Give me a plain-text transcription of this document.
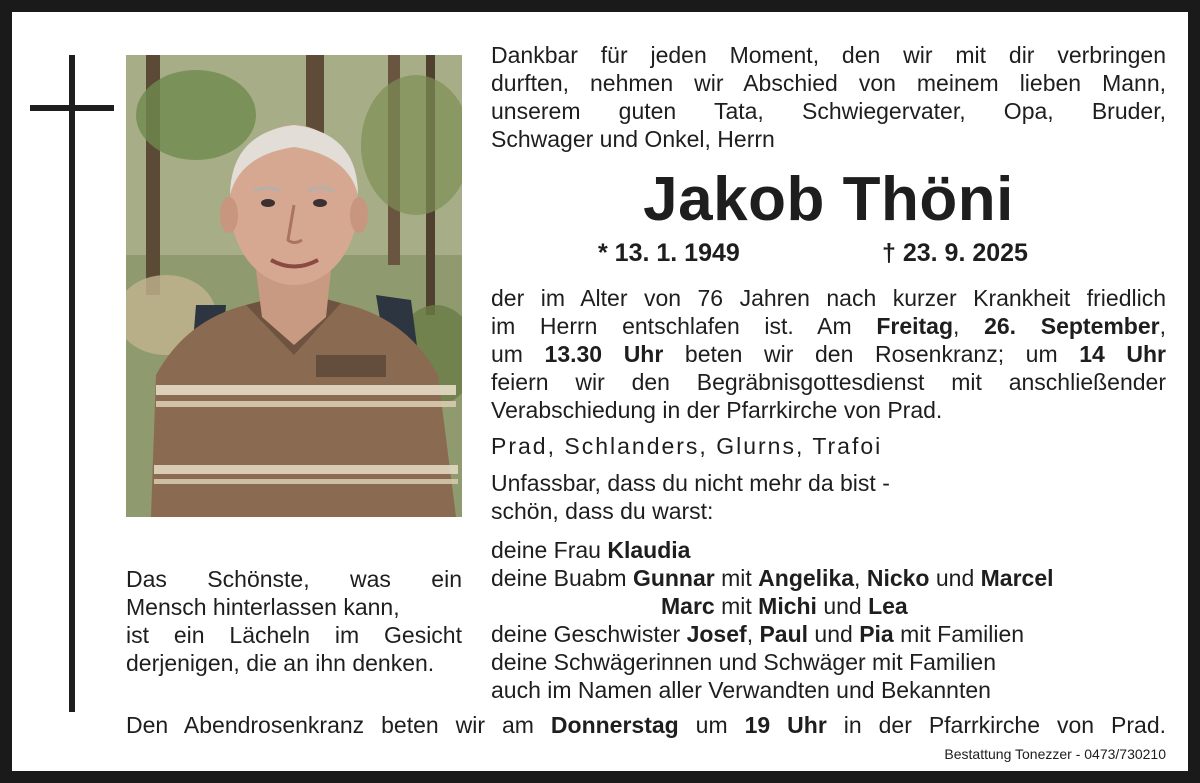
Das Schönste, was ein
Mensch hinterlassen kann,
ist ein Lächeln im Gesicht
derjenigen, die an ihn denken.
Dankbar für jeden Moment, den wir mit dir verbringen
durften, nehmen wir Abschied von meinem lieben Mann,
unserem guten Tata, Schwiegervater, Opa, Bruder,
Schwager und Onkel, Herrn
Jakob Thöni
* 13. 1. 1949	† 23. 9. 2025
der im Alter von 76 Jahren nach kurzer Krankheit friedlich
im Herrn entschlafen ist. Am Freitag, 26. September,
um 13.30 Uhr beten wir den Rosenkranz; um 14 Uhr
feiern wir den Begräbnisgottesdienst mit anschließender
Verabschiedung in der Pfarrkirche von Prad.
Prad, Schlanders, Glurns, Trafoi
Unfassbar, dass du nicht mehr da bist -
schön, dass du warst:
deine Frau Klaudia
deine Buabm Gunnar mit Angelika, Nicko und Marcel
Marc mit Michi und Lea
deine Geschwister Josef, Paul und Pia mit Familien
deine Schwägerinnen und Schwäger mit Familien
auch im Namen aller Verwandten und Bekannten
Den Abendrosenkranz beten wir am Donnerstag um 19 Uhr in der Pfarrkirche von Prad.
Bestattung Tonezzer - 0473/730210
